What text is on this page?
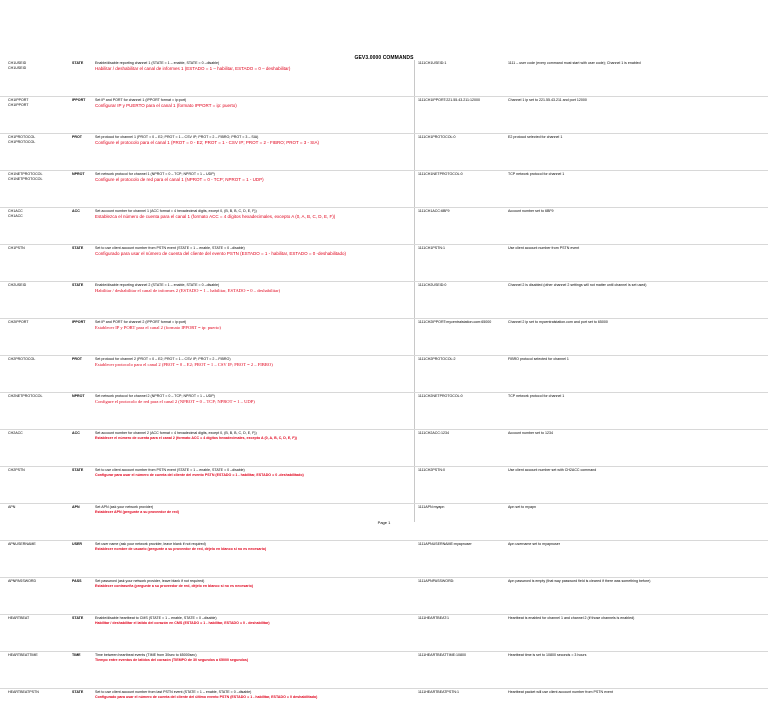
GEV3.0000 COMMANDS
CH1USEID
CH1USEID
STATE	Enable/disable reporting channel 1 (STATE = 1 – enable, STATE = 0 –disable)
Habilitar / deshabilitar el canal de informes 1 (ESTADO = 1 – habilitar, ESTADO = 0 – deshabilitar)
1111CH1USEID:1	1111 – user code (every command must start with user code); Channel 1 is enabled
CH1IPPORT
CH1IPPORT
IPPORT	Set IP and PORT for channel 1 (IPPORT format = ip:port)
Configurar IP y PUERTO para el canal 1 (formato IPPORT = ip: puerto)
1111CH1IPPORT:221.55.43.211:12000	Channel 1 ip set to 221.55.43.211 and port 12000
CH1PROTOCOL
CH1PROTOCOL
PROT	Set protocol for channel 1 (PROT = 0 – E2; PROT = 1 – CSV IP; PROT = 2 – FIBRO; PROT = 3 – SIA)
Configure el protocolo para el canal 1 (PROT = 0 - E2; PROT = 1 - CSV IP; PROT = 2 - FIBRO; PROT = 3 - SIA)
1111CH1PROTOCOL:0	E2 protocol selected for channel 1
CH1NETPROTOCOL
CH1NETPROTOCOL
NPROT	Set network protocol for channel 1 (NPROT = 0 – TCP; NPROT = 1 – UDP)
Configure el protocolo de red para el canal 1 (NPROT = 0 - TCP; NPROT = 1 - UDP)
1111CH1NETPROTOCOL:0	TCP network protocol for channel 1
CH1ACC
CH1ACC
ACC	Set account number for channel 1 (ACC format = 4 hexadecimal digits, except 0, (B, B, B, C, D, E, F))
Establezca el número de cuenta para el canal 1 (formato ACC = 4 dígitos hexadecimales, excepto A (0, A, B, C, D, E, F))
1111CH1ACC:6BF9	Account number set to 6BF9
CH1PSTN	STATE	Set to use client account number from PSTN event (STATE = 1 – enable, STATE = 0 –disable)
Configurado para usar el número de cuenta del cliente del evento PSTN (ESTADO = 1 - habilitar, ESTADO = 0 -deshabilitado)
1111CH1PSTN:1	Use client account number from PSTN event
CH2USEID	STATE	Enable/disable reporting channel 2 (STATE = 1 – enable, STATE = 0 –disable)
Habilitar / deshabilitar el canal de informes 2 (ESTADO = 1 – habilitar, ESTADO = 0 – deshabilitar)
1111CH2USEID:0	Channel 2 is disabled (other channel 2 settings will not matter until channel is set used)
CH2IPPORT	IPPORT	Set IP and PORT for channel 2 (IPPORT format = ip:port)
Establecer IP y PORT para el canal 2 (formato IPPORT = ip: puerto)
1111CH2IPPORT:mycentralstation.com:65000	Channel 2 ip set to mycentralstation.com and port set to 65000
CH2PROTOCOL	PROT	Set protocol for channel 2 (PROT = 0 – E2; PROT = 1 – CSV IP; PROT = 2 – FIBRO)
Establecer protocolo para el canal 2 (PROT = 0 – E2; PROT = 1 – CSV IP; PROT = 2 – FIBRO)
1111CH2PROTOCOL:2	FIBRO protocol selected for channel 1
CH2NETPROTOCOL	NPROT	Set network protocol for channel 2 (NPROT = 0 – TCP; NPROT = 1 – UDP)
Configure el protocolo de red para el canal 2 (NPROT = 0 – TCP; NPROT = 1 – UDP)
1111CH2NETPROTOCOL:0	TCP network protocol for channel 1
CH2ACC	ACC	Set account number for channel 2 (ACC format = 4 hexadecimal digits, except 0, (B, B, B, C, D, E, F))
Establecer el número de cuenta para el canal 2 (formato ACC = 4 dígitos hexadecimales, excepto A (0, A, B, C, D, E, F))
1111CH2ACC:1234	Account number set to 1234
CH2PSTN	STATE	Set to use client account number from PSTN event (STATE = 1 – enable, STATE = 0 –disable)
Configurar para usar el número de cuenta del cliente del evento PSTN (ESTADO = 1 - habilitar, ESTADO = 0 -deshabilitado)
1111CH2PSTN:0	Use client account number set with CH2ACC command
APN	APN	Set APN (ask your network provider)
Establecer APN (pregunte a su proveedor de red)
1111APN:myapn	Apn set to myapn
APNUSERNAME	USER	Set user name (ask your network provider, leave blank if not required)
Establecer nombre de usuario (pregunte a su proveedor de red, déjelo en blanco si no es necesario)
1111APNUSERNAME:myapnuser	Apn username set to myapnuser
APNPASSWORD	PASS	Set password (ask your network provider, leave blank if not required)
Establecer contraseña (pregunte a su proveedor de red, déjelo en blanco si no es necesario)
1111APNPASSWORD:	Apn password is empty (that way password field is cleared if there was something before)
HEARTBEAT	STATE	Enable/disable heartbeat to CMS (STATE = 1 – enable, STATE = 0 –disable)
Habilitar / deshabilitar el latido del corazón en CMS (ESTADO = 1 - habilitar, ESTADO = 0 - deshabilitar)
1111HEARTBEAT:1	Heartbeat is enabled for channel 1 and channel 2 (if those channels is enabled)
HEARTBEATTIME	TIME	Time between heartbeat events (TIME from 30sec to 65000sec)
Tiempo entre eventos de latidos del corazón (TIEMPO de 30 segundos a 65000 segundos)
1111HEARTBEATTIME:10800	Heartbeat time is set to 10800 seconds = 3 hours
HEARTBEATPSTN	STATE	Set to use client account number from last PSTN event (STATE = 1 – enable, STATE = 0 –disable)
Configurado para usar el número de cuenta del cliente del último evento PSTN (ESTADO = 1 - habilitar, ESTADO = 0 deshabilitado)
1111HEARTBEATPSTN:1	Heartbeat packet will use client account number from PSTN event
Page 1
